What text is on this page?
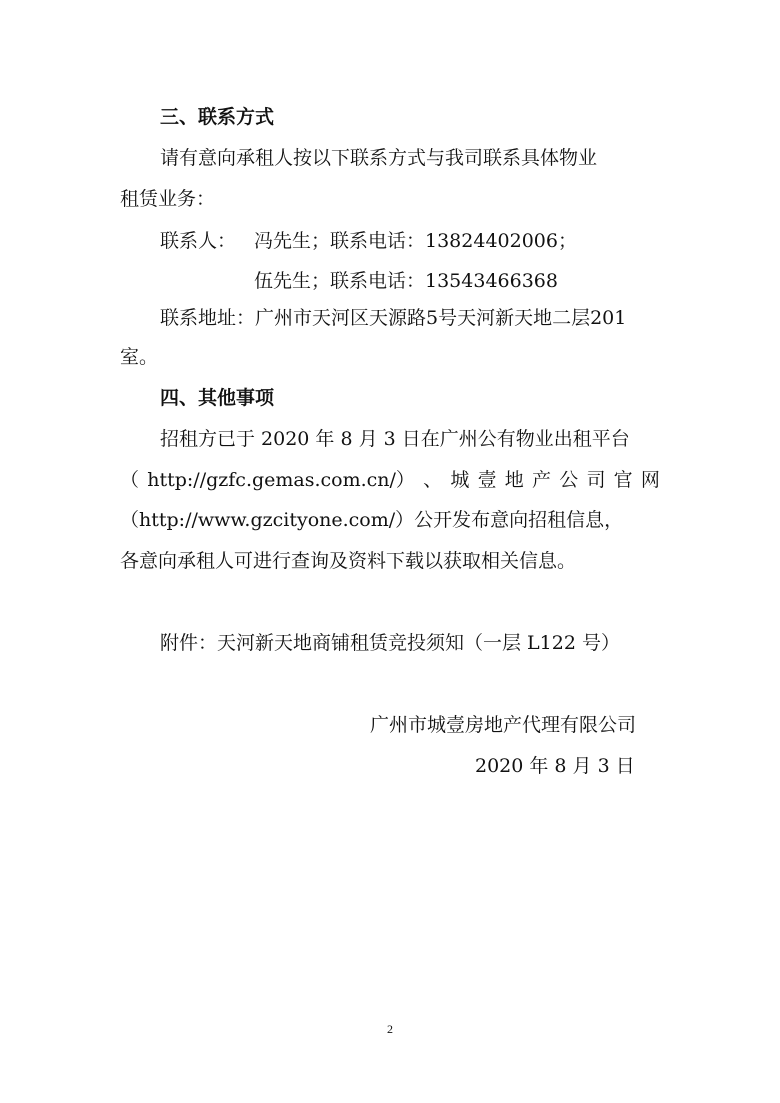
三、联系方式
请有意向承租人按以下联系方式与我司联系具体物业
租赁业务：
联系人： 冯先生；联系电话：13824402006；
伍先生；联系电话：13543466368
联系地址：广州市天河区天源路5号天河新天地二层201
室。
四、其他事项
招租方已于 2020 年 8 月 3 日在广州公有物业出租平台
（ http://gzfc.gemas.com.cn/） 、 城 壹 地 产 公 司 官 网
（http://www.gzcityone.com/）公开发布意向招租信息，
各意向承租人可进行查询及资料下载以获取相关信息。
附件：天河新天地商铺租赁竞投须知（一层 L122 号）
广州市城壹房地产代理有限公司
2020 年 8 月 3 日
2
